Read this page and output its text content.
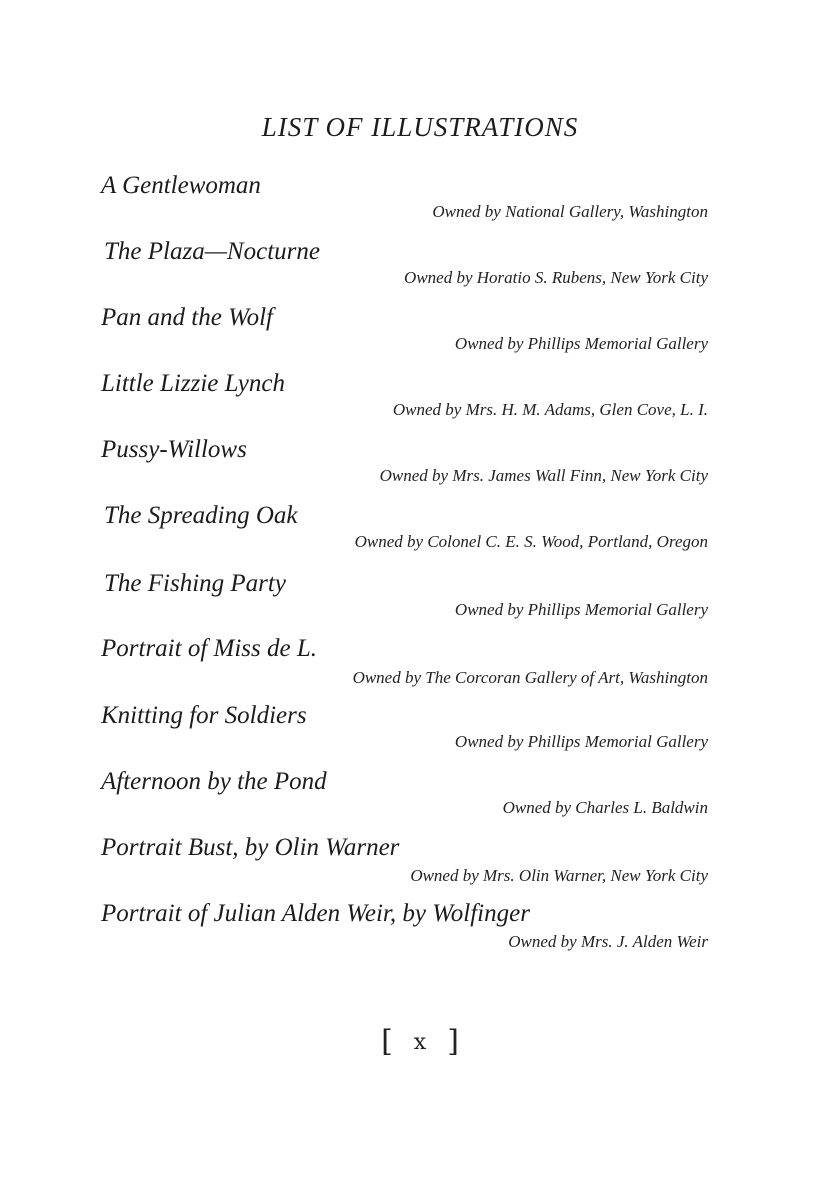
LIST OF ILLUSTRATIONS
A Gentlewoman
Owned by National Gallery, Washington
The Plaza—Nocturne
Owned by Horatio S. Rubens, New York City
Pan and the Wolf
Owned by Phillips Memorial Gallery
Little Lizzie Lynch
Owned by Mrs. H. M. Adams, Glen Cove, L. I.
Pussy-Willows
Owned by Mrs. James Wall Finn, New York City
The Spreading Oak
Owned by Colonel C. E. S. Wood, Portland, Oregon
The Fishing Party
Owned by Phillips Memorial Gallery
Portrait of Miss de L.
Owned by The Corcoran Gallery of Art, Washington
Knitting for Soldiers
Owned by Phillips Memorial Gallery
Afternoon by the Pond
Owned by Charles L. Baldwin
Portrait Bust, by Olin Warner
Owned by Mrs. Olin Warner, New York City
Portrait of Julian Alden Weir, by Wolfinger
Owned by Mrs. J. Alden Weir
[ x ]
